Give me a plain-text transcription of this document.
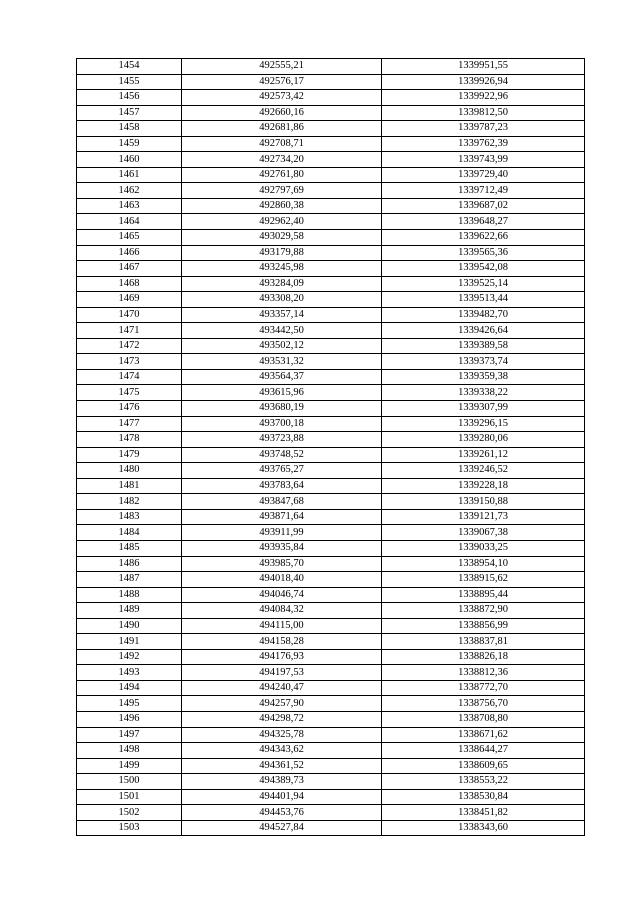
1454	492555,21	1339951,55
1455	492576,17	1339926,94
1456	492573,42	1339922,96
1457	492660,16	1339812,50
1458	492681,86	1339787,23
1459	492708,71	1339762,39
1460	492734,20	1339743,99
1461	492761,80	1339729,40
1462	492797,69	1339712,49
1463	492860,38	1339687,02
1464	492962,40	1339648,27
1465	493029,58	1339622,66
1466	493179,88	1339565,36
1467	493245,98	1339542,08
1468	493284,09	1339525,14
1469	493308,20	1339513,44
1470	493357,14	1339482,70
1471	493442,50	1339426,64
1472	493502,12	1339389,58
1473	493531,32	1339373,74
1474	493564,37	1339359,38
1475	493615,96	1339338,22
1476	493680,19	1339307,99
1477	493700,18	1339296,15
1478	493723,88	1339280,06
1479	493748,52	1339261,12
1480	493765,27	1339246,52
1481	493783,64	1339228,18
1482	493847,68	1339150,88
1483	493871,64	1339121,73
1484	493911,99	1339067,38
1485	493935,84	1339033,25
1486	493985,70	1338954,10
1487	494018,40	1338915,62
1488	494046,74	1338895,44
1489	494084,32	1338872,90
1490	494115,00	1338856,99
1491	494158,28	1338837,81
1492	494176,93	1338826,18
1493	494197,53	1338812,36
1494	494240,47	1338772,70
1495	494257,90	1338756,70
1496	494298,72	1338708,80
1497	494325,78	1338671,62
1498	494343,62	1338644,27
1499	494361,52	1338609,65
1500	494389,73	1338553,22
1501	494401,94	1338530,84
1502	494453,76	1338451,82
1503	494527,84	1338343,60
